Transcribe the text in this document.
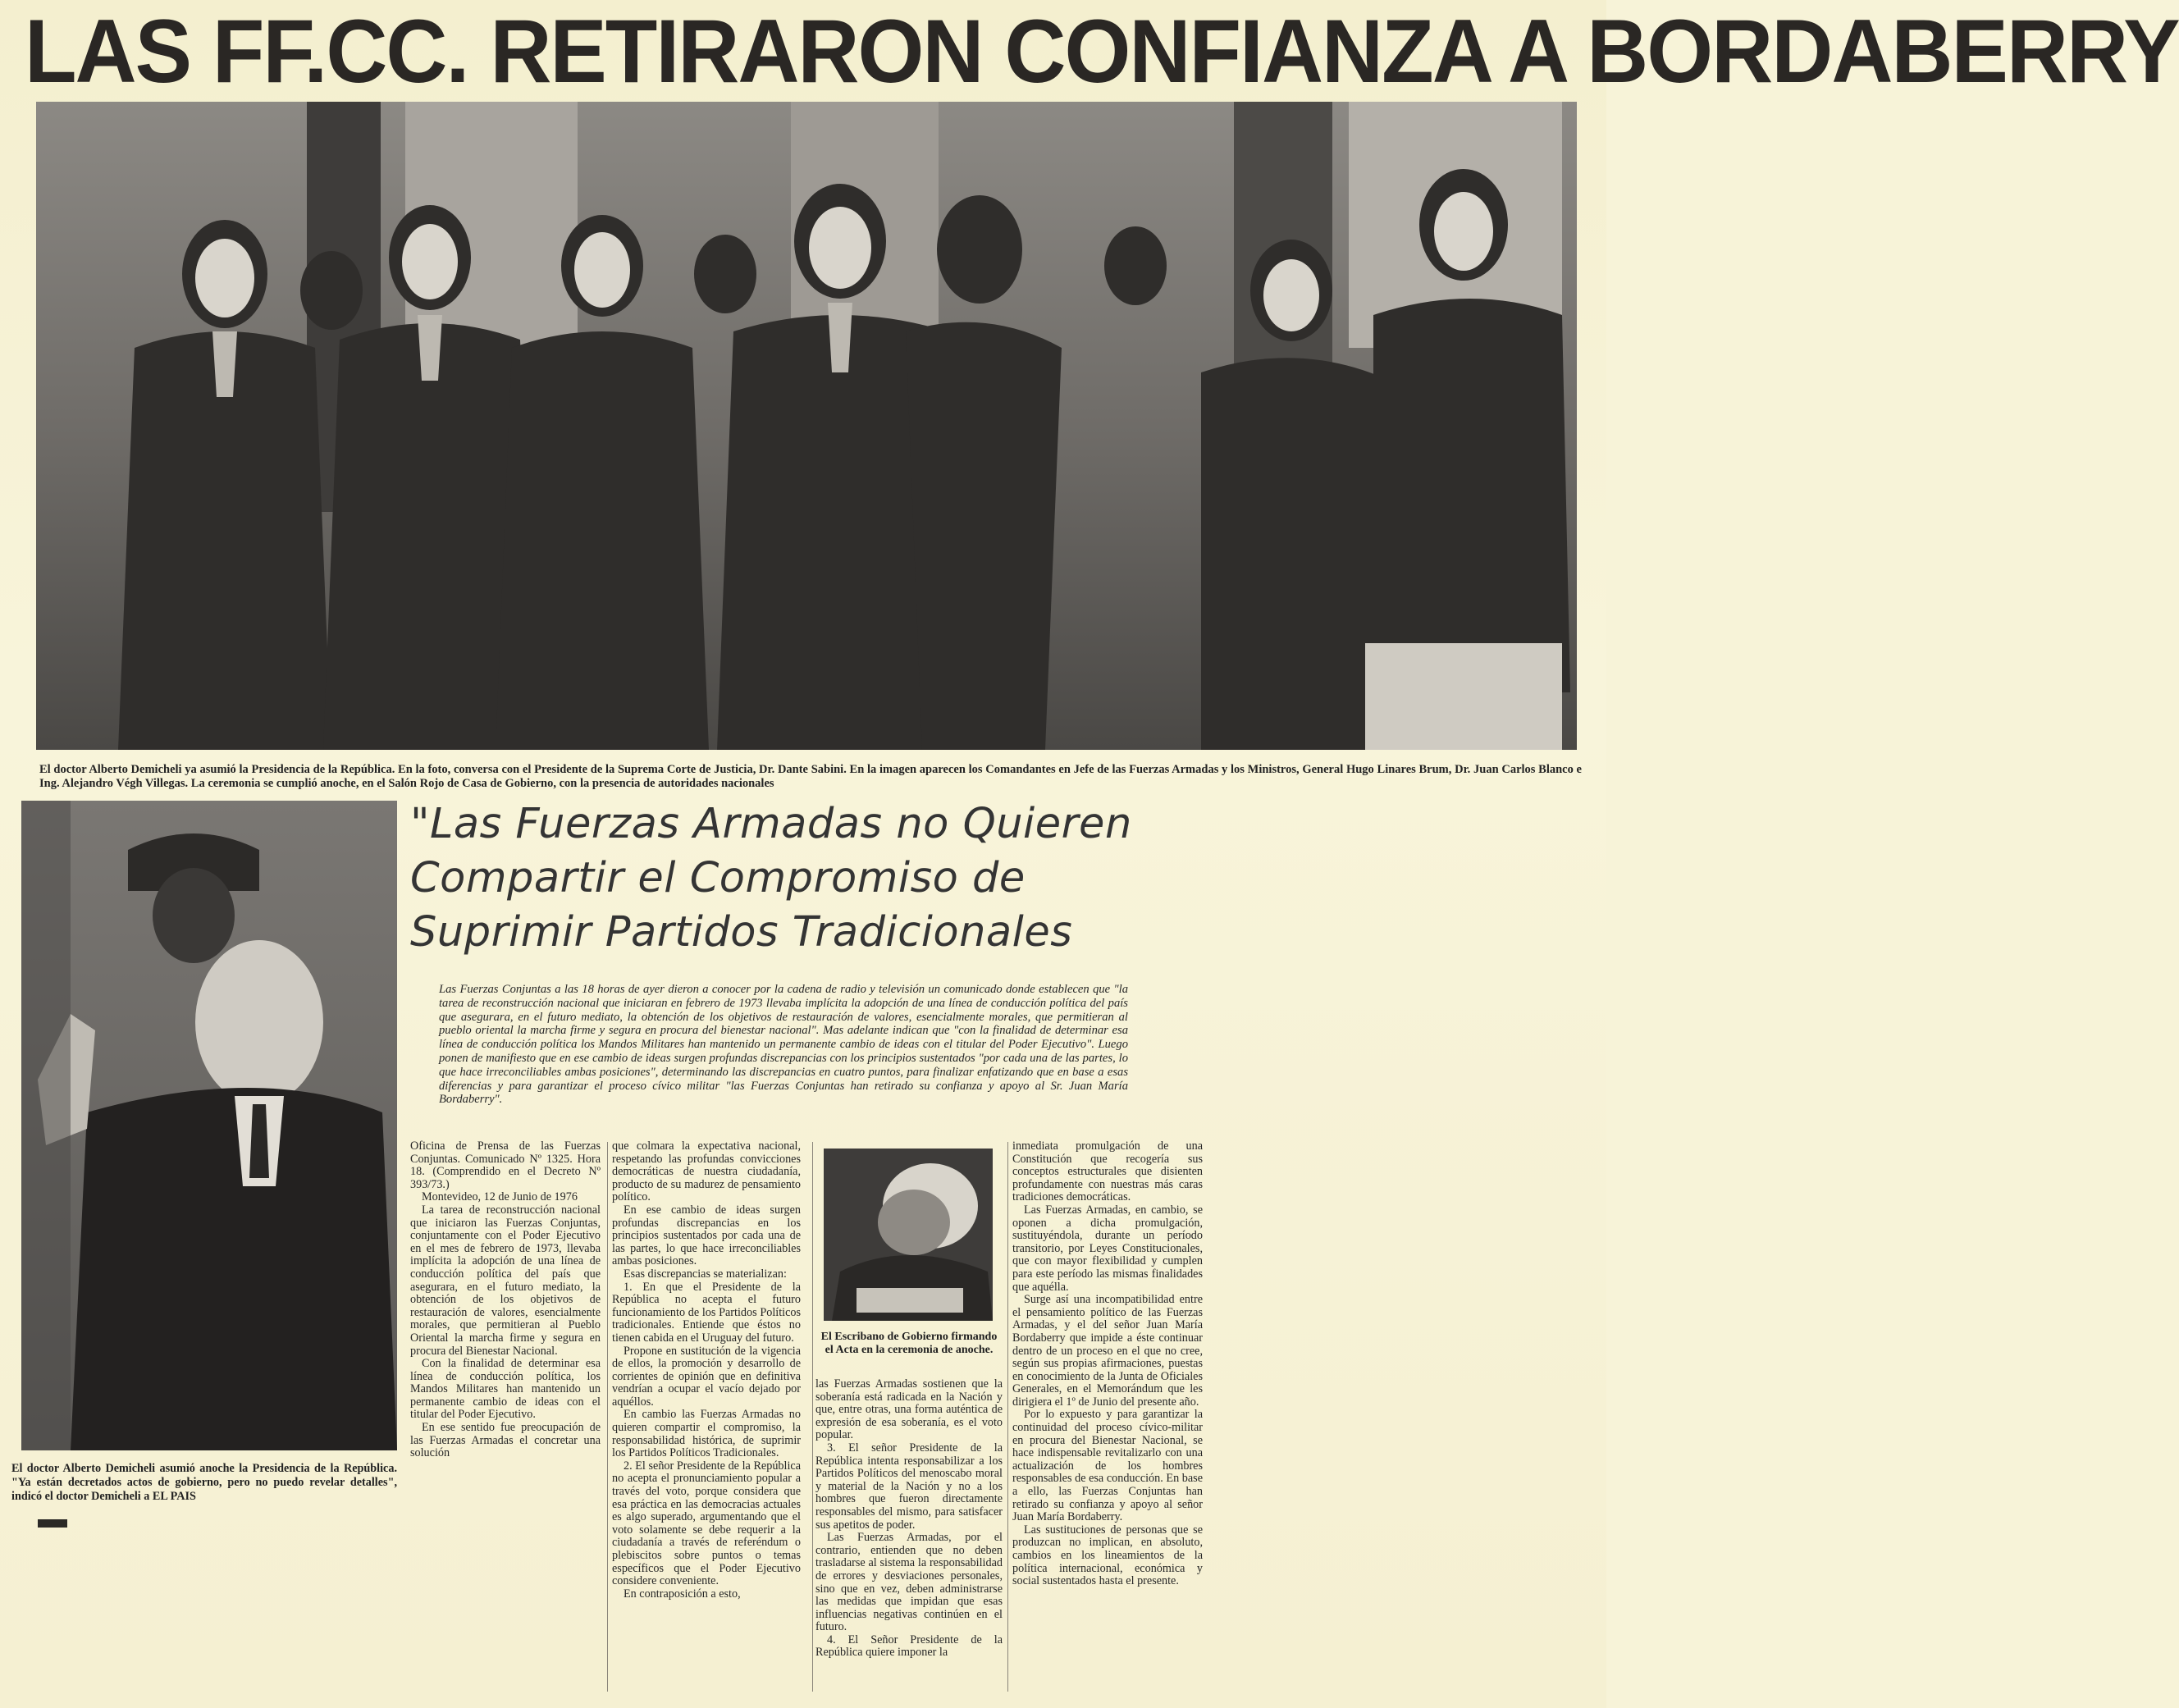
LAS FF.CC. RETIRARON CONFIANZA A BORDABERRY
El doctor Alberto Demicheli ya asumió la Presidencia de la República. En la foto, conversa con el Presidente de la Suprema Corte de Justicia, Dr. Dante Sabini. En la imagen aparecen los Comandantes en Jefe de las Fuerzas Armadas y los Ministros, General Hugo Linares Brum, Dr. Juan Carlos Blanco e Ing. Alejandro Végh Villegas. La ceremonia se cumplió anoche, en el Salón Rojo de Casa de Gobierno, con la presencia de autoridades nacionales
El doctor Alberto Demicheli asumió anoche la Presidencia de la República. "Ya están decretados actos de gobierno, pero no puedo revelar detalles", indicó el doctor Demicheli a EL PAIS
"Las Fuerzas Armadas no Quieren
Compartir el Compromiso de
Suprimir Partidos Tradicionales
Las Fuerzas Conjuntas a las 18 horas de ayer dieron a conocer por la cadena de radio y televisión un comunicado donde establecen que "la tarea de reconstrucción nacional que iniciaran en febrero de 1973 llevaba implícita la adopción de una línea de conducción política del país que asegurara, en el futuro mediato, la obtención de los objetivos de restauración de valores, esencialmente morales, que permitieran al pueblo oriental la marcha firme y segura en procura del bienestar nacional". Mas adelante indican que "con la finalidad de determinar esa línea de conducción política los Mandos Militares han mantenido un permanente cambio de ideas con el titular del Poder Ejecutivo". Luego ponen de manifiesto que en ese cambio de ideas surgen profundas discrepancias con los principios sustentados "por cada una de las partes, lo que hace irreconciliables ambas posiciones", determinando las discrepancias en cuatro puntos, para finalizar enfatizando que en base a esas diferencias y para garantizar el proceso cívico militar "las Fuerzas Conjuntas han retirado su confianza y apoyo al Sr. Juan María Bordaberry".

Oficina de Prensa de las Fuerzas Conjuntas. Comunicado Nº 1325. Hora 18. (Comprendido en el Decreto Nº 393/73.)

Montevideo, 12 de Junio de 1976

La tarea de reconstrucción nacional que iniciaron las Fuerzas Conjuntas, conjuntamente con el Poder Ejecutivo en el mes de febrero de 1973, llevaba implícita la adopción de una línea de conducción política del país que asegurara, en el futuro mediato, la obtención de los objetivos de restauración de valores, esencialmente morales, que permitieran al Pueblo Oriental la marcha firme y segura en procura del Bienestar Nacional.

Con la finalidad de determinar esa línea de conducción política, los Mandos Militares han mantenido un permanente cambio de ideas con el titular del Poder Ejecutivo.

En ese sentido fue preocupación de las Fuerzas Armadas el concretar una solución

que colmara la expectativa nacional, respetando las profundas convicciones democráticas de nuestra ciudadanía, producto de su madurez de pensamiento político.

En ese cambio de ideas surgen profundas discrepancias en los principios sustentados por cada una de las partes, lo que hace irreconciliables ambas posiciones.

Esas discrepancias se materializan:

1. En que el Presidente de la República no acepta el futuro funcionamiento de los Partidos Políticos tradicionales. Entiende que éstos no tienen cabida en el Uruguay del futuro.

Propone en sustitución de la vigencia de ellos, la promoción y desarrollo de corrientes de opinión que en definitiva vendrían a ocupar el vacío dejado por aquéllos.

En cambio las Fuerzas Armadas no quieren compartir el compromiso, la responsabilidad histórica, de suprimir los Partidos Políticos Tradicionales.

2. El señor Presidente de la República no acepta el pronunciamiento popular a través del voto, porque considera que esa práctica en las democracias actuales es algo superado, argumentando que el voto solamente se debe requerir a la ciudadanía a través de referéndum o plebiscitos sobre puntos o temas específicos que el Poder Ejecutivo considere conveniente.

En contraposición a esto,

El Escribano de Gobierno firmando el Acta en la ceremonia de anoche.

las Fuerzas Armadas sostienen que la soberanía está radicada en la Nación y que, entre otras, una forma auténtica de expresión de esa soberanía, es el voto popular.

3. El señor Presidente de la República intenta responsabilizar a los Partidos Políticos del menoscabo moral y material de la Nación y no a los hombres que fueron directamente responsables del mismo, para satisfacer sus apetitos de poder.

Las Fuerzas Armadas, por el contrario, entienden que no deben trasladarse al sistema la responsabilidad de errores y desviaciones personales, sino que en vez, deben administrarse las medidas que impidan que esas influencias negativas continúen en el futuro.

4. El Señor Presidente de la República quiere imponer la

inmediata promulgación de una Constitución que recogería sus conceptos estructurales que disienten profundamente con nuestras más caras tradiciones democráticas.

Las Fuerzas Armadas, en cambio, se oponen a dicha promulgación, sustituyéndola, durante un período transitorio, por Leyes Constitucionales, que con mayor flexibilidad y cumplen para este período las mismas finalidades que aquélla.

Surge así una incompatibilidad entre el pensamiento político de las Fuerzas Armadas, y el del señor Juan María Bordaberry que impide a éste continuar dentro de un proceso en el que no cree, según sus propias afirmaciones, puestas en conocimiento de la Junta de Oficiales Generales, en el Memorándum que les dirigiera el 1º de Junio del presente año.

Por lo expuesto y para garantizar la continuidad del proceso cívico-militar en procura del Bienestar Nacional, se hace indispensable revitalizarlo con una actualización de los hombres responsables de esa conducción. En base a ello, las Fuerzas Conjuntas han retirado su confianza y apoyo al señor Juan María Bordaberry.

Las sustituciones de personas que se produzcan no implican, en absoluto, cambios en los lineamientos de la política internacional, económica y social sustentados hasta el presente.
